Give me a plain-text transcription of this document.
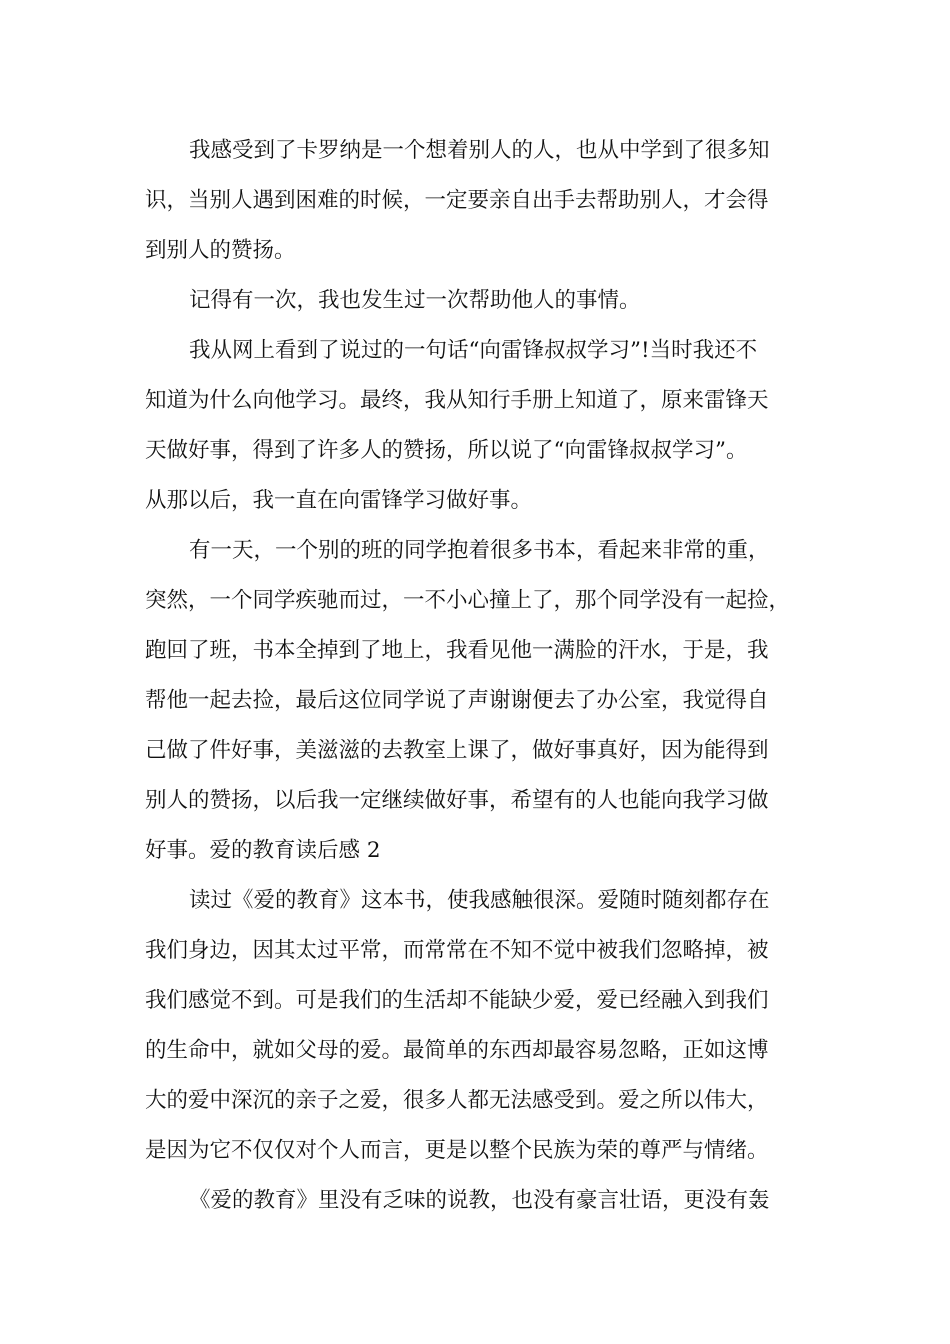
我感受到了卡罗纳是一个想着别人的人，也从中学到了很多知
识，当别人遇到困难的时候，一定要亲自出手去帮助别人，才会得
到别人的赞扬。
记得有一次，我也发生过一次帮助他人的事情。
我从网上看到了说过的一句话“向雷锋叔叔学习”!当时我还不
知道为什么向他学习。最终，我从知行手册上知道了，原来雷锋天
天做好事，得到了许多人的赞扬，所以说了“向雷锋叔叔学习”。
从那以后，我一直在向雷锋学习做好事。
有一天，一个别的班的同学抱着很多书本，看起来非常的重，
突然，一个同学疾驰而过，一不小心撞上了，那个同学没有一起捡，
跑回了班，书本全掉到了地上，我看见他一满脸的汗水，于是，我
帮他一起去捡，最后这位同学说了声谢谢便去了办公室，我觉得自
己做了件好事，美滋滋的去教室上课了，做好事真好，因为能得到
别人的赞扬，以后我一定继续做好事，希望有的人也能向我学习做
好事。爱的教育读后感 2
读过《爱的教育》这本书，使我感触很深。爱随时随刻都存在
我们身边，因其太过平常，而常常在不知不觉中被我们忽略掉，被
我们感觉不到。可是我们的生活却不能缺少爱，爱已经融入到我们
的生命中，就如父母的爱。最简单的东西却最容易忽略，正如这博
大的爱中深沉的亲子之爱，很多人都无法感受到。爱之所以伟大，
是因为它不仅仅对个人而言，更是以整个民族为荣的尊严与情绪。
《爱的教育》里没有乏味的说教，也没有豪言壮语，更没有轰
